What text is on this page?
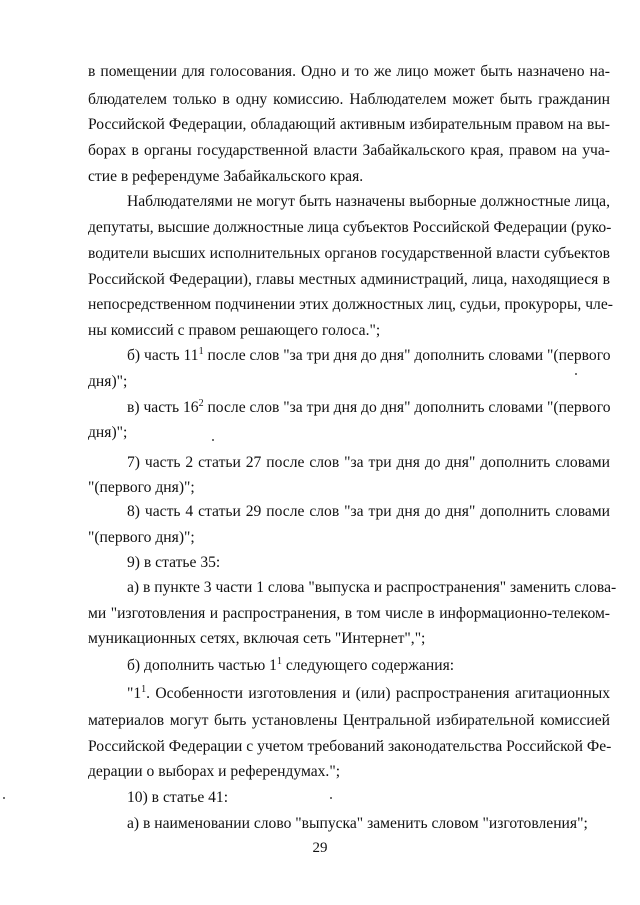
в помещении для голосования. Одно и то же лицо может быть назначено на-
блюдателем только в одну комиссию. Наблюдателем может быть гражданин
Российской Федерации, обладающий активным избирательным правом на вы-
борах в органы государственной власти Забайкальского края, правом на уча-
стие в референдуме Забайкальского края.
Наблюдателями не могут быть назначены выборные должностные лица,
депутаты, высшие должностные лица субъектов Российской Федерации (руко-
водители высших исполнительных органов государственной власти субъектов
Российской Федерации), главы местных администраций, лица, находящиеся в
непосредственном подчинении этих должностных лиц, судьи, прокуроры, чле-
ны комиссий с правом решающего голоса.";
б) часть $11^1$ после слов "за три дня до дня" дополнить словами "(первого
дня)";
в) часть $16^2$ после слов "за три дня до дня" дополнить словами "(первого
дня)";
7) часть 2 статьи 27 после слов "за три дня до дня" дополнить словами
"(первого дня)";
8) часть 4 статьи 29 после слов "за три дня до дня" дополнить словами
"(первого дня)";
9) в статье 35:
а) в пункте 3 части 1 слова "выпуска и распространения" заменить слова-
ми "изготовления и распространения, в том числе в информационно-телеком-
муникационных сетях, включая сеть "Интернет",";
б) дополнить частью $1^1$ следующего содержания:
"$1^1$. Особенности изготовления и (или) распространения агитационных
материалов могут быть установлены Центральной избирательной комиссией
Российской Федерации с учетом требований законодательства Российской Фе-
дерации о выборах и референдумах.";
10) в статье 41:
а) в наименовании слово "выпуска" заменить словом "изготовления";
29
